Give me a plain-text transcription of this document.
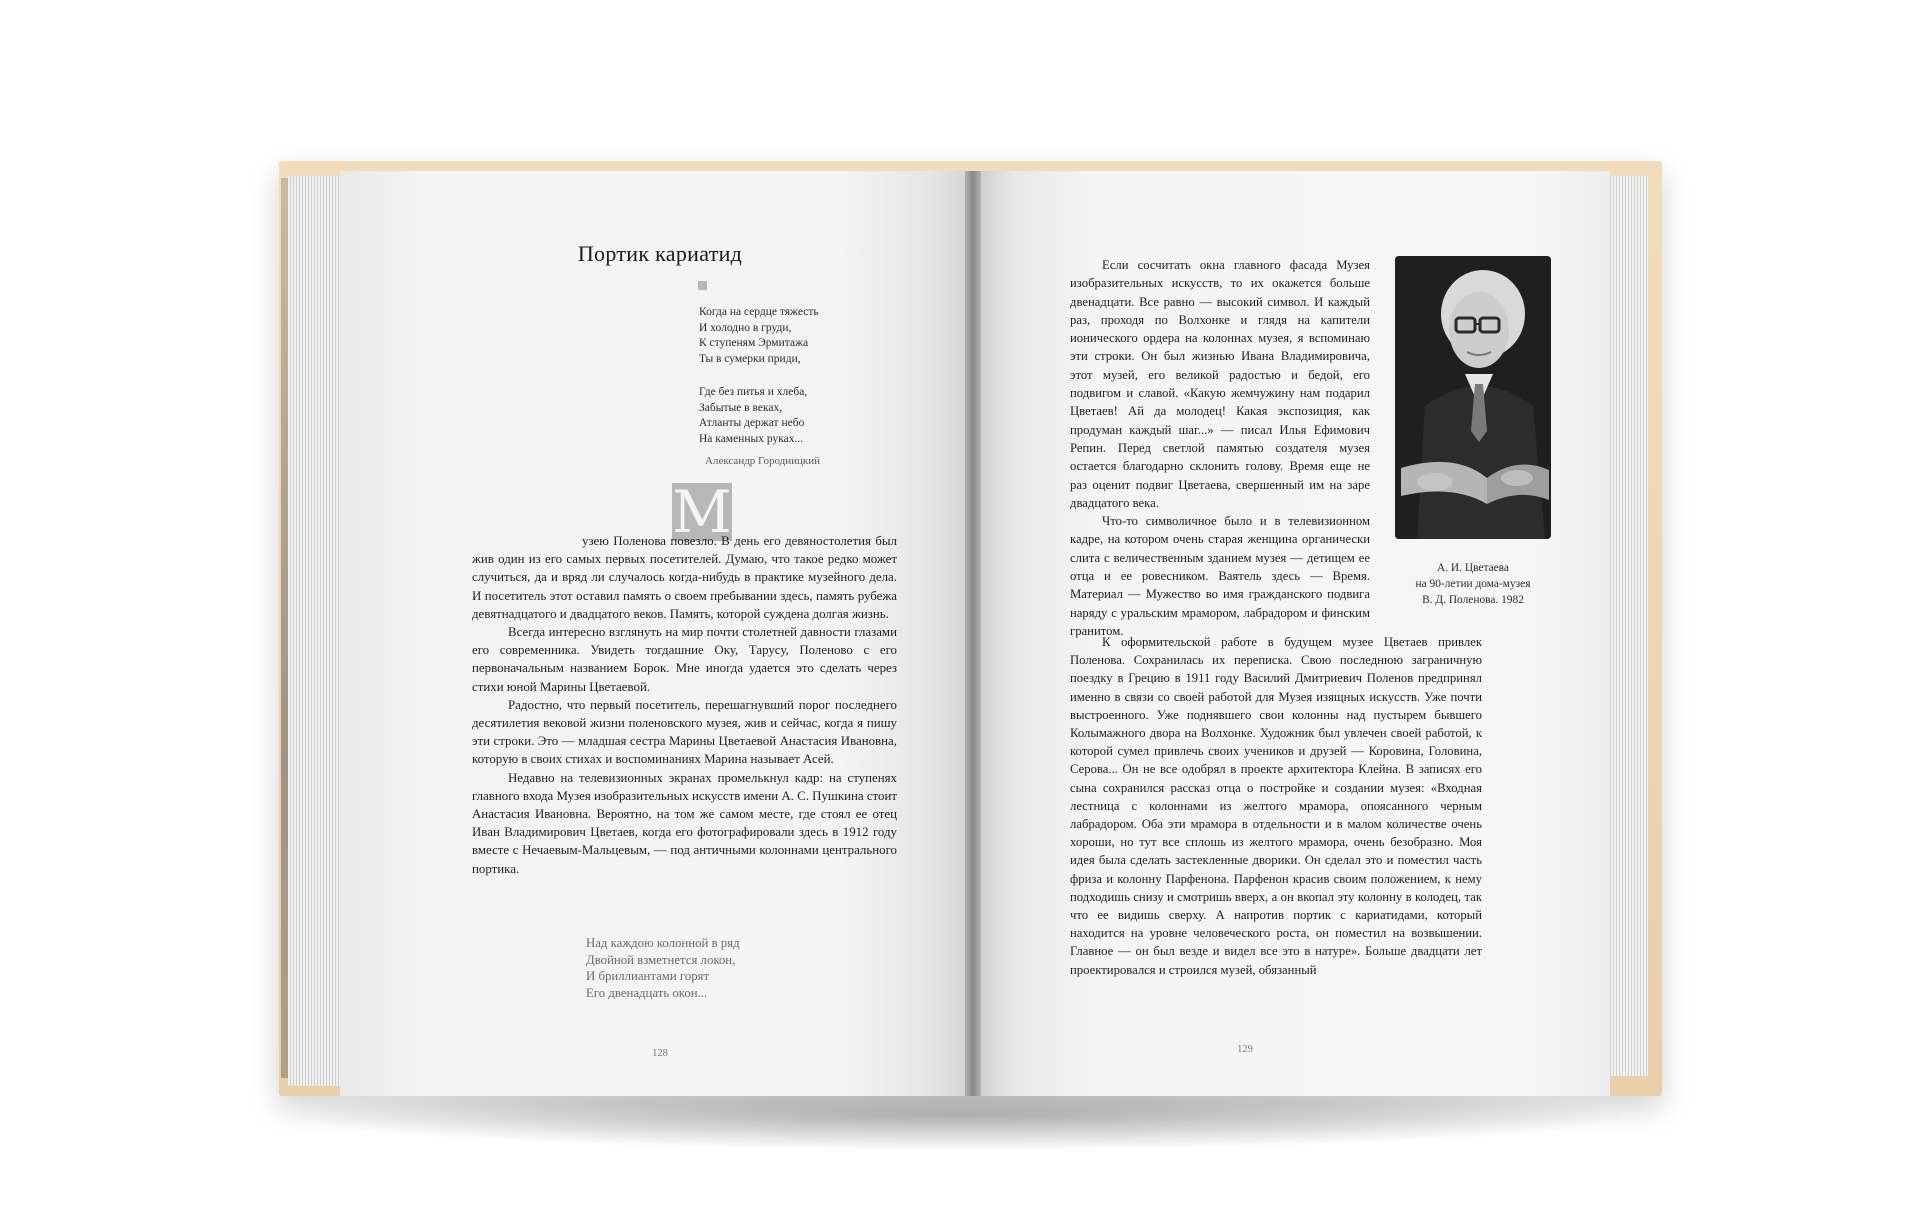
Портик кариатид
Когда на сердце тяжесть
И холодно в груди,
К ступеням Эрмитажа
Ты в сумерки приди,
Где без питья и хлеба,
Забытые в веках,
Атланты держат небо
На каменных руках...
Александр Городницкий
М

узею Поленова повезло. В день его девяностолетия был жив один из его самых первых посетителей. Думаю, что такое редко может случиться, да и вряд ли случалось когда-нибудь в практике музейного дела. И посетитель этот оставил память о своем пребывании здесь, память рубежа девятнадцатого и двадцатого веков. Память, которой суждена долгая жизнь.

Всегда интересно взглянуть на мир почти столетней давности глазами его современника. Увидеть тогдашние Оку, Тарусу, Поленово с его первоначальным названием Борок. Мне иногда удается это сделать через стихи юной Марины Цветаевой.

Радостно, что первый посетитель, перешагнувший порог последнего десятилетия вековой жизни поленовского музея, жив и сейчас, когда я пишу эти строки. Это — младшая сестра Марины Цветаевой Анастасия Ивановна, которую в своих стихах и воспоминаниях Марина называет Асей.

Недавно на телевизионных экранах промелькнул кадр: на ступенях главного входа Музея изобразительных искусств имени А. С. Пушкина стоит Анастасия Ивановна. Вероятно, на том же самом месте, где стоял ее отец Иван Владимирович Цветаев, когда его фотографировали здесь в 1912 году вместе с Нечаевым-Мальцевым, — под античными колоннами центрального портика.

Над каждою колонной в ряд
Двойной взметнется локон,
И бриллиантами горят
Его двенадцать окон...
128

Если сосчитать окна главного фасада Музея изобразительных искусств, то их окажется больше двенадцати. Все равно — высокий символ. И каждый раз, проходя по Волхонке и глядя на капители ионического ордера на колоннах музея, я вспоминаю эти строки. Он был жизнью Ивана Владимировича, этот музей, его великой радостью и бедой, его подвигом и славой. «Какую жемчужину нам подарил Цветаев! Ай да молодец! Какая экспозиция, как продуман каждый шаг...» — писал Илья Ефимович Репин. Перед светлой памятью создателя музея остается благодарно склонить голову. Время еще не раз оценит подвиг Цветаева, свершенный им на заре двадцатого века.

Что-то символичное было и в телевизионном кадре, на котором очень старая женщина органически слита с величественным зданием музея — детищем ее отца и ее ровесником. Ваятель здесь — Время. Материал — Мужество во имя гражданского подвига наряду с уральским мрамором, лабрадором и финским гранитом.

А. И. Цветаева
на 90-летии дома-музея
В. Д. Поленова. 1982

К оформительской работе в будущем музее Цветаев привлек Поленова. Сохранилась их переписка. Свою последнюю заграничную поездку в Грецию в 1911 году Василий Дмитриевич Поленов предпринял именно в связи со своей работой для Музея изящных искусств. Уже почти выстроенного. Уже поднявшего свои колонны над пустырем бывшего Колымажного двора на Волхонке. Художник был увлечен своей работой, к которой сумел привлечь своих учеников и друзей — Коровина, Головина, Серова... Он не все одобрял в проекте архитектора Клейна. В записях его сына сохранился рассказ отца о постройке и создании музея: «Входная лестница с колоннами из желтого мрамора, опоясанного черным лабрадором. Оба эти мрамора в отдельности и в малом количестве очень хороши, но тут все сплошь из желтого мрамора, очень безобразно. Моя идея была сделать застекленные дворики. Он сделал это и поместил часть фриза и колонну Парфенона. Парфенон красив своим положением, к нему подходишь снизу и смотришь вверх, а он вкопал эту колонну в колодец, так что ее видишь сверху. А напротив портик с кариатидами, который находится на уровне человеческого роста, он поместил на возвышении. Главное — он был везде и видел все это в натуре». Больше двадцати лет проектировался и строился музей, обязанный

129
